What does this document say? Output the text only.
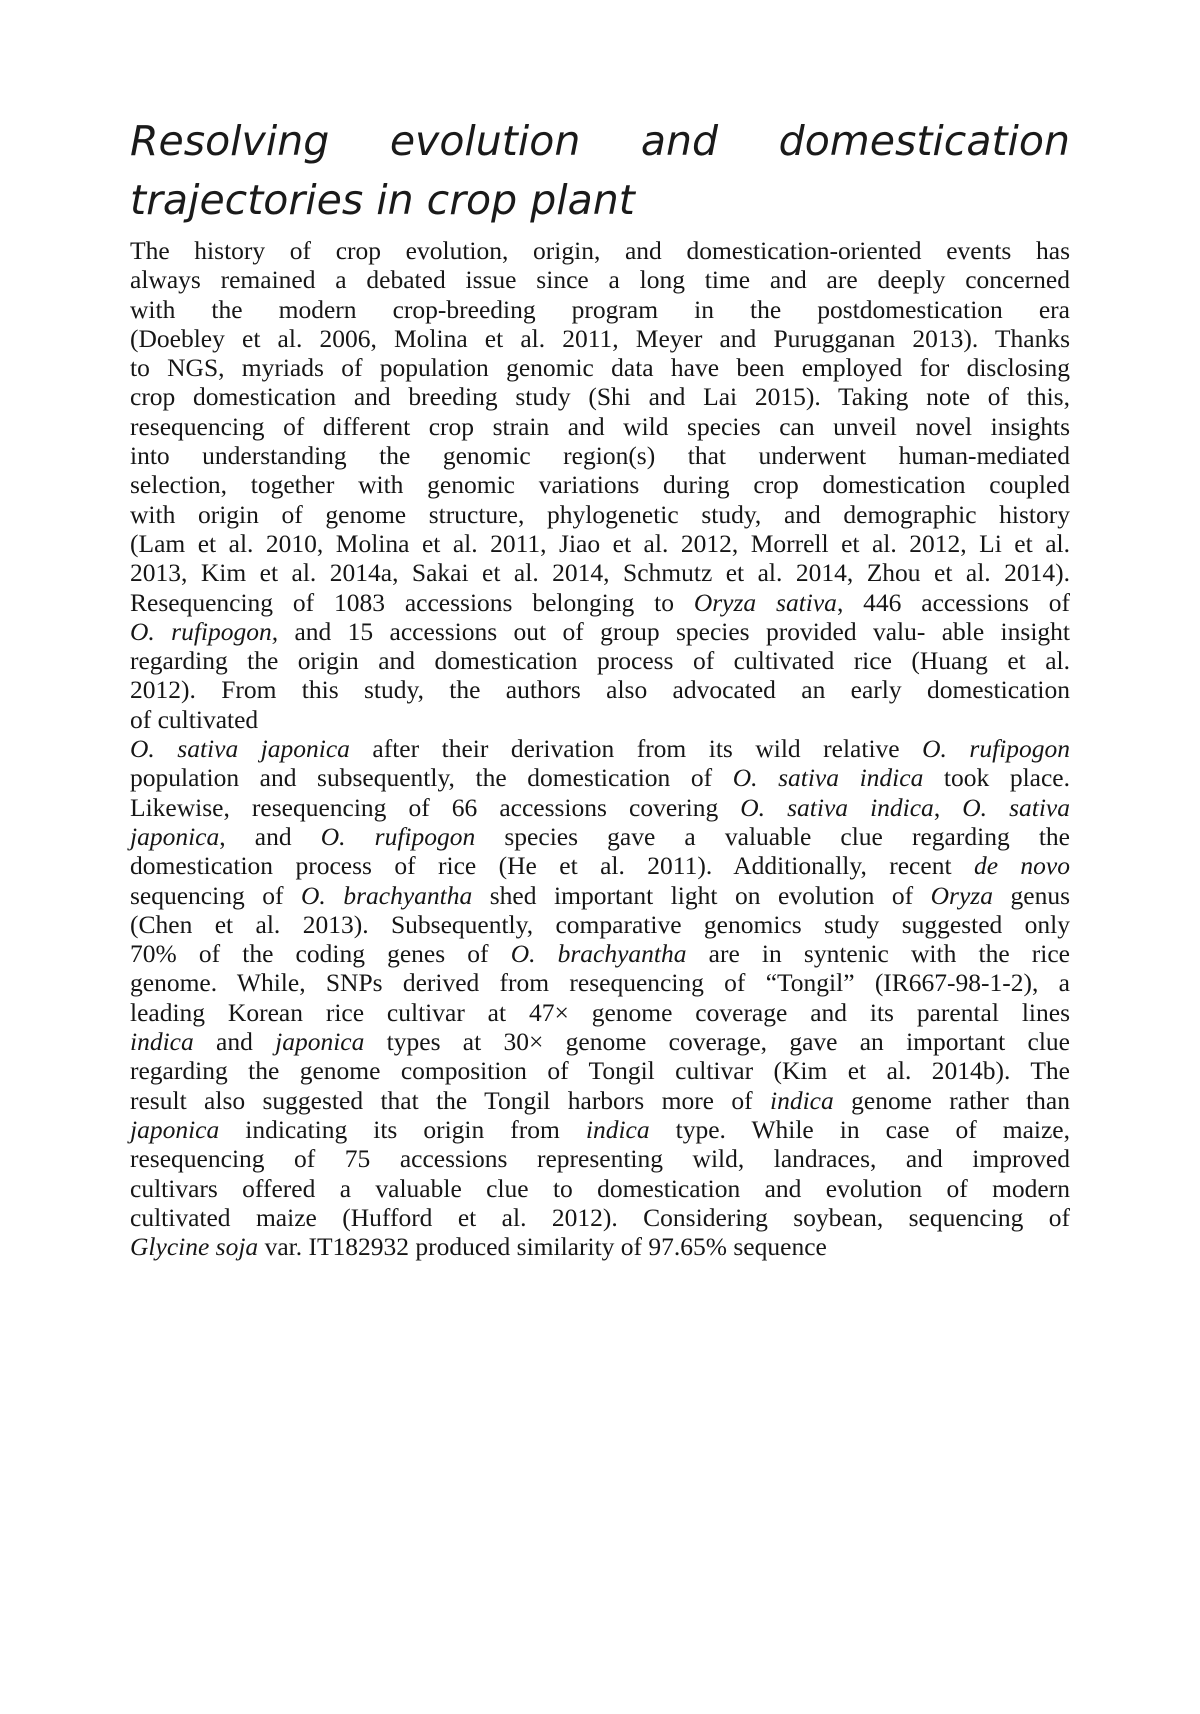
Resolving evolution and domestication
trajectories in crop plant

The history of crop evolution, origin, and domestication-oriented events has
always remained a debated issue since a long time and are deeply concerned
with the modern crop-breeding program in the postdomestication era
(Doebley et al. 2006, Molina et al. 2011, Meyer and Purugganan 2013). Thanks
to NGS, myriads of population genomic data have been employed for disclosing
crop domestication and breeding study (Shi and Lai 2015). Taking note of this,
resequencing of different crop strain and wild species can unveil novel insights
into understanding the genomic region(s) that underwent human-mediated
selection, together with genomic variations during crop domestication coupled
with origin of genome structure, phylogenetic study, and demographic history
(Lam et al. 2010, Molina et al. 2011, Jiao et al. 2012, Morrell et al. 2012, Li et al.
2013, Kim et al. 2014a, Sakai et al. 2014, Schmutz et al. 2014, Zhou et al. 2014).
Resequencing of 1083 accessions belonging to Oryza sativa, 446 accessions of
O. rufipogon, and 15 accessions out of group species provided valu- able insight
regarding the origin and domestication process of cultivated rice (Huang et al.
2012). From this study, the authors also advocated an early domestication
of cultivated
O. sativa japonica after their derivation from its wild relative O. rufipogon
population and subsequently, the domestication of O. sativa indica took place.
Likewise, resequencing of 66 accessions covering O. sativa indica, O. sativa
japonica, and O. rufipogon species gave a valuable clue regarding the
domestication process of rice (He et al. 2011). Additionally, recent de novo
sequencing of O. brachyantha shed important light on evolution of Oryza genus
(Chen et al. 2013). Subsequently, comparative genomics study suggested only
70% of the coding genes of O. brachyantha are in syntenic with the rice
genome. While, SNPs derived from resequencing of “Tongil” (IR667-98-1-2), a
leading Korean rice cultivar at 47× genome coverage and its parental lines
indica and japonica types at 30× genome coverage, gave an important clue
regarding the genome composition of Tongil cultivar (Kim et al. 2014b). The
result also suggested that the Tongil harbors more of indica genome rather than
japonica indicating its origin from indica type. While in case of maize,
resequencing of 75 accessions representing wild, landraces, and improved
cultivars offered a valuable clue to domestication and evolution of modern
cultivated maize (Hufford et al. 2012). Considering soybean, sequencing of
Glycine soja var. IT182932 produced similarity of 97.65% sequence
